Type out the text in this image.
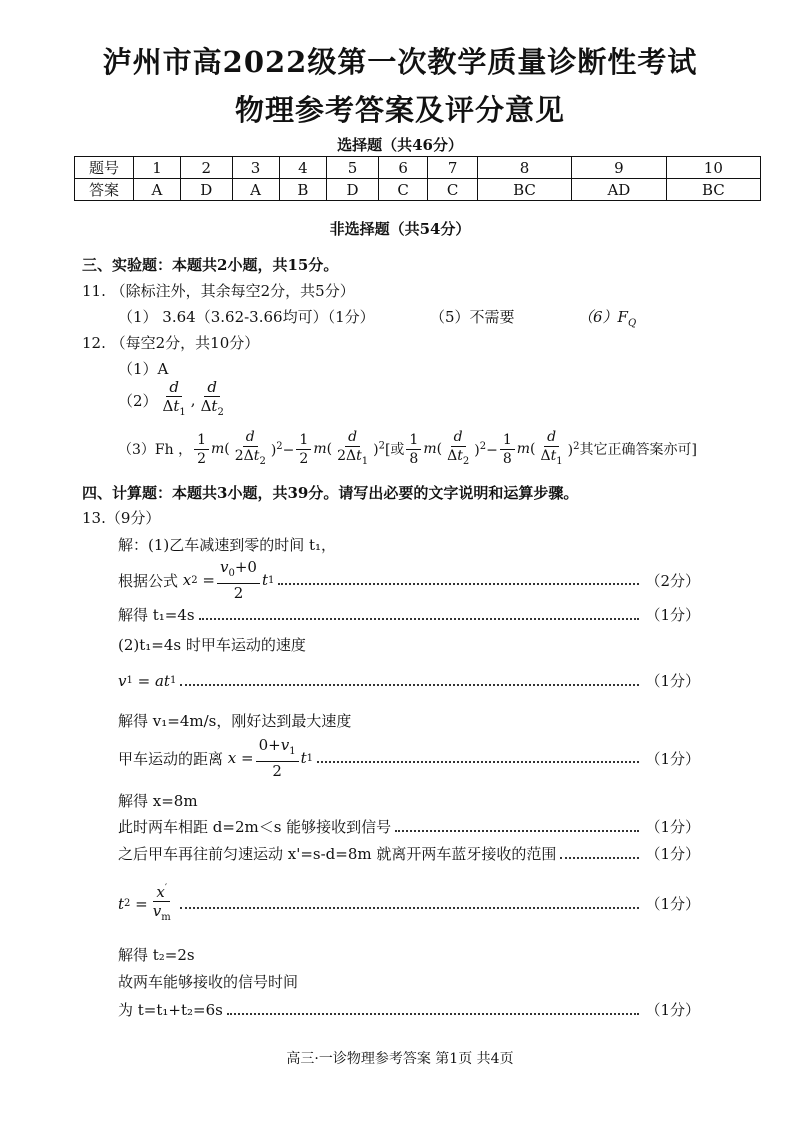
泸州市高2022级第一次教学质量诊断性考试
物理参考答案及评分意见
选择题（共46分）
题号	1	2	3	4	5	6	7	8	9	10
答案	A	D	A	B	D	C	C	BC	AD	BC
非选择题（共54分）
三、实验题：本题共2小题，共15分。
11. （除标注外，其余每空2分，共5分）
（1） 3.64（3.62-3.66均可）（1分）	（5）不需要	$(6)F_Q$
12. （每空2分，共10分）
（1）A
$(2) \frac{d}{\Delta t_1}$ , $\frac{d}{\Delta t_2}$
（3）Fh ， $\frac{1}{2}$ m ( $\frac{d}{2\Delta t_2} )^2- \frac{1}{2}$ m ( $\frac{d}{2\Delta t_1} )^2$[或 $\frac{1}{8}$ m ( $\frac{d}{\Delta t_2} )^2- \frac{1}{8}$ m ( $\frac{d}{\Delta t_1} )^2$ 其它正确答案亦可]
四、计算题：本题共3小题，共39分。请写出必要的文字说明和运算步骤。
13.（9分）
解：(1)乙车减速到零的时间 t₁，
根据公式
x $2 = \frac{v_0+0}{2}$ t 1	（2分）
解得 t₁=4s	（1分）
(2)t₁=4s 时甲车运动的速度
v 1 = at 1	（1分）
解得 v₁=4m/s，刚好达到最大速度
甲车运动的距离
$x = \frac{0+v_1}{2}$ t 1	（1分）
解得 x=8m
此时两车相距 d=2m＜s 能够接收到信号	（1分）
之后甲车再往前匀速运动 x'=s-d=8m 就离开两车蓝牙接收的范围	（1分）
t $2 = \frac{x'}{v_m}$	（1分）
解得 t₂=2s
故两车能够接收的信号时间
为 t=t₁+t₂=6s	（1分）
高三·一诊物理参考答案 第1页 共4页
